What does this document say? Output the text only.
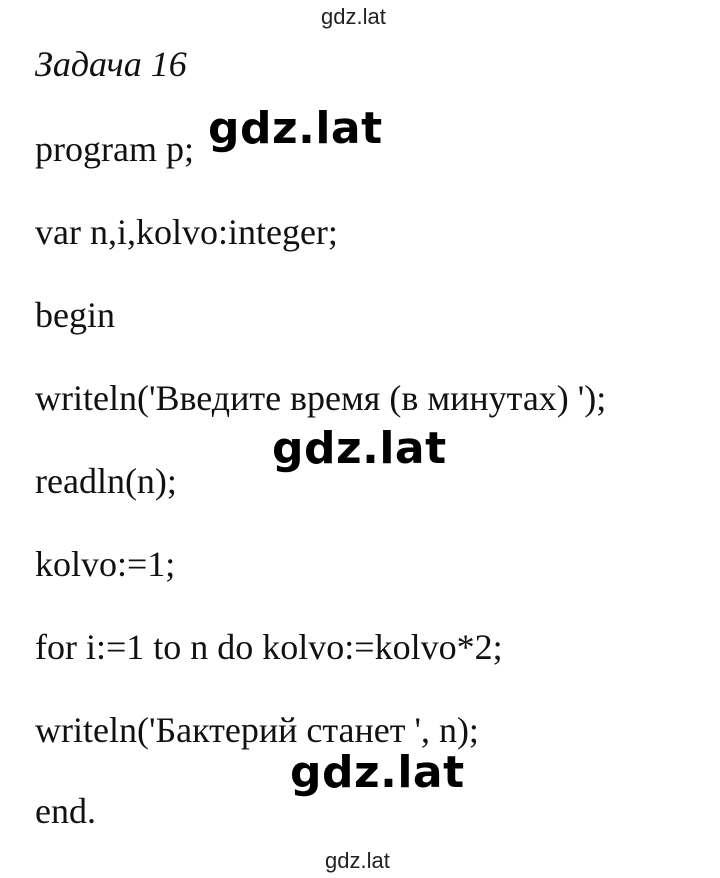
gdz.lat
Задача 16
program p;
var n,i,kolvo:integer;
begin
writeln('Введите время (в минутах) ');
readln(n);
kolvo:=1;
for i:=1 to n do kolvo:=kolvo*2;
writeln('Бактерий станет ', n);
end.
gdz.lat
gdz.lat
gdz.lat
gdz.lat
